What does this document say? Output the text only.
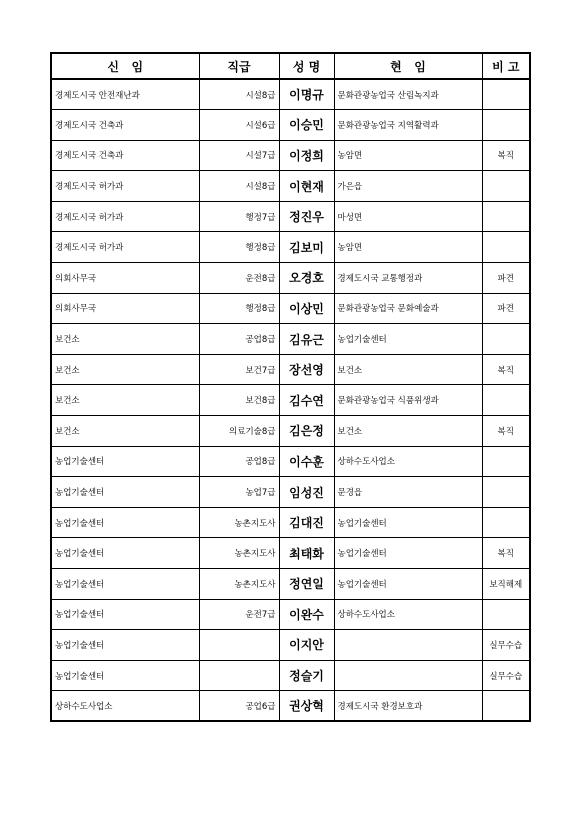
신   임	직급	성 명	현   임	비 고
경제도시국 안전재난과	시설8급	이명규	문화관광농업국 산림녹지과	
경제도시국 건축과	시설6급	이승민	문화관광농업국 지역활력과	
경제도시국 건축과	시설7급	이정희	농암면	복직
경제도시국 허가과	시설8급	이현재	가은읍	
경제도시국 허가과	행정7급	정진우	마성면	
경제도시국 허가과	행정8급	김보미	농암면	
의회사무국	운전8급	오경호	경제도시국 교통행정과	파견
의회사무국	행정8급	이상민	문화관광농업국 문화예술과	파견
보건소	공업8급	김유근	농업기술센터	
보건소	보건7급	장선영	보건소	복직
보건소	보건8급	김수연	문화관광농업국 식품위생과	
보건소	의료기술8급	김은정	보건소	복직
농업기술센터	공업8급	이수훈	상하수도사업소	
농업기술센터	농업7급	임성진	문경읍	
농업기술센터	농촌지도사	김대진	농업기술센터	
농업기술센터	농촌지도사	최태화	농업기술센터	복직
농업기술센터	농촌지도사	정연일	농업기술센터	보직해제
농업기술센터	운전7급	이완수	상하수도사업소	
농업기술센터		이지안		실무수습
농업기술센터		정슬기		실무수습
상하수도사업소	공업6급	권상혁	경제도시국 환경보호과	
